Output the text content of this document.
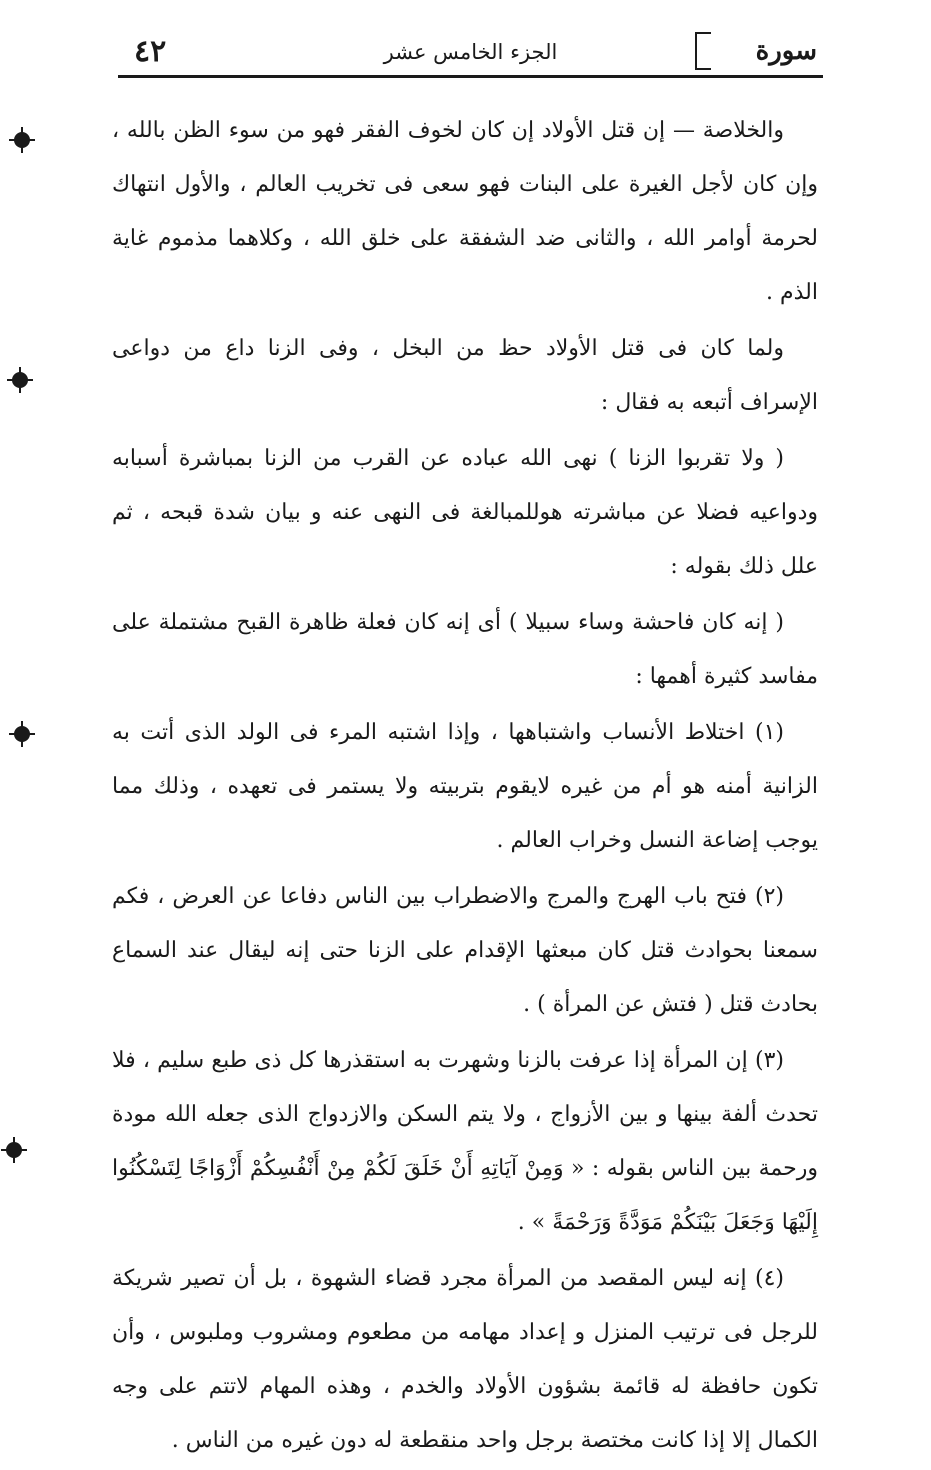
٤٢	الجزء الخامس عشر	سورة

والخلاصة — إن قتل الأولاد إن كان لخوف الفقر فهو من سوء الظن بالله ، وإن كان لأجل الغيرة على البنات فهو سعى فى تخريب العالم ، والأول انتهاك لحرمة أوامر الله ، والثانى ضد الشفقة على خلق الله ، وكلاهما مذموم غاية الذم .

ولما كان فى قتل الأولاد حظ من البخل ، وفى الزنا داع من دواعى الإسراف أتبعه به فقال :

( ولا تقربوا الزنا ) نهى الله عباده عن القرب من الزنا بمباشرة أسبابه ودواعيه فضلا عن مباشرته هوللمبالغة فى النهى عنه و بيان شدة قبحه ، ثم علل ذلك بقوله :

( إنه كان فاحشة وساء سبيلا ) أى إنه كان فعلة ظاهرة القبح مشتملة على مفاسد كثيرة أهمها :

(١) اختلاط الأنساب واشتباهها ، وإذا اشتبه المرء فى الولد الذى أتت به الزانية أمنه هو أم من غيره لايقوم بتربيته ولا يستمر فى تعهده ، وذلك مما يوجب إضاعة النسل وخراب العالم .

(٢) فتح باب الهرج والمرج والاضطراب بين الناس دفاعا عن العرض ، فكم سمعنا بحوادث قتل كان مبعثها الإقدام على الزنا حتى إنه ليقال عند السماع بحادث قتل ( فتش عن المرأة ) .

(٣) إن المرأة إذا عرفت بالزنا وشهرت به استقذرها كل ذى طبع سليم ، فلا تحدث ألفة بينها و بين الأزواج ، ولا يتم السكن والازدواج الذى جعله الله مودة ورحمة بين الناس بقوله : « وَمِنْ آيَاتِهِ أَنْ خَلَقَ لَكُمْ مِنْ أَنْفُسِكُمْ أَزْوَاجًا لِتَسْكُنُوا إِلَيْهَا وَجَعَلَ بَيْنَكُمْ مَوَدَّةً وَرَحْمَةً » .

(٤) إنه ليس المقصد من المرأة مجرد قضاء الشهوة ، بل أن تصير شريكة للرجل فى ترتيب المنزل و إعداد مهامه من مطعوم ومشروب وملبوس ، وأن تكون حافظة له قائمة بشؤون الأولاد والخدم ، وهذه المهام لاتتم على وجه الكمال إلا إذا كانت مختصة برجل واحد منقطعة له دون غيره من الناس .
